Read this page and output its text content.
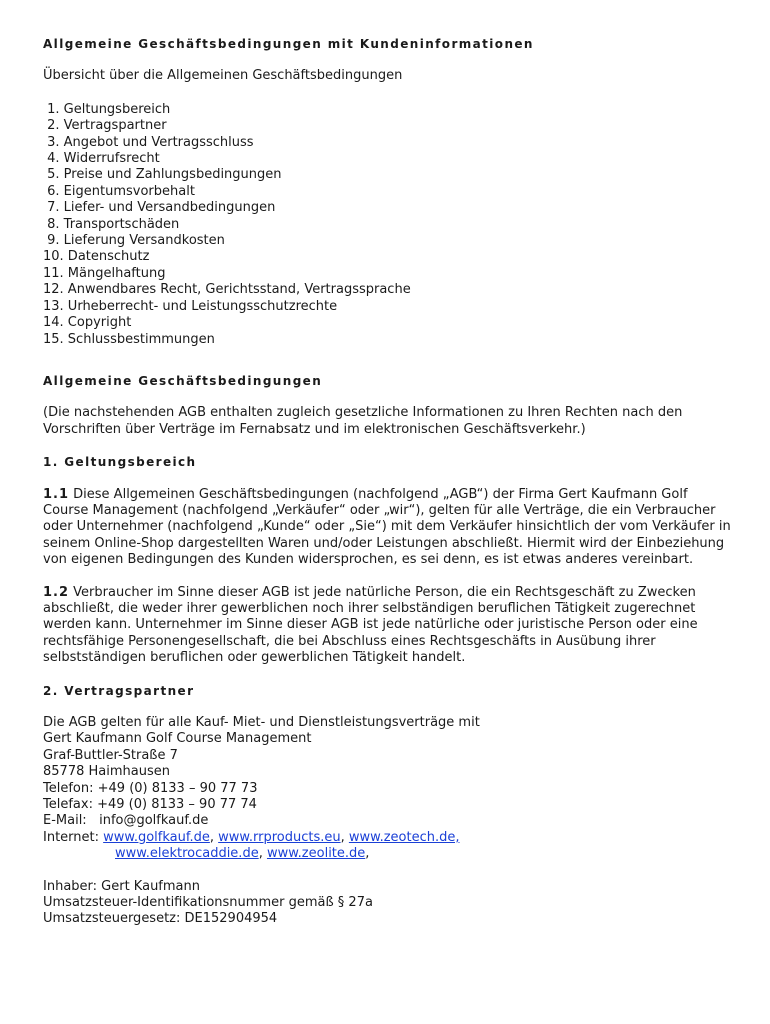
Allgemeine Geschäftsbedingungen mit Kundeninformationen
Übersicht über die Allgemeinen Geschäftsbedingungen
1. Geltungsbereich
2. Vertragspartner
3. Angebot und Vertragsschluss
4. Widerrufsrecht
5. Preise und Zahlungsbedingungen
6. Eigentumsvorbehalt
7. Liefer- und Versandbedingungen
8. Transportschäden
9. Lieferung Versandkosten
10. Datenschutz
11. Mängelhaftung
12. Anwendbares Recht, Gerichtsstand, Vertragssprache
13. Urheberrecht- und Leistungsschutzrechte
14. Copyright
15. Schlussbestimmungen
Allgemeine Geschäftsbedingungen
(Die nachstehenden AGB enthalten zugleich gesetzliche Informationen zu Ihren Rechten nach den Vorschriften über Verträge im Fernabsatz und im elektronischen Geschäftsverkehr.)
1. Geltungsbereich
1.1 Diese Allgemeinen Geschäftsbedingungen (nachfolgend „AGB“) der Firma Gert Kaufmann Golf Course Management (nachfolgend „Verkäufer“ oder „wir“), gelten für alle Verträge, die ein Verbraucher oder Unternehmer (nachfolgend „Kunde“ oder „Sie“) mit dem Verkäufer hinsichtlich der vom Verkäufer in seinem Online-Shop dargestellten Waren und/oder Leistungen abschließt. Hiermit wird der Einbeziehung von eigenen Bedingungen des Kunden widersprochen, es sei denn, es ist etwas anderes vereinbart.
1.2 Verbraucher im Sinne dieser AGB ist jede natürliche Person, die ein Rechtsgeschäft zu Zwecken abschließt, die weder ihrer gewerblichen noch ihrer selbständigen beruflichen Tätigkeit zugerechnet werden kann. Unternehmer im Sinne dieser AGB ist jede natürliche oder juristische Person oder eine rechtsfähige Personengesellschaft, die bei Abschluss eines Rechtsgeschäfts in Ausübung ihrer selbstständigen beruflichen oder gewerblichen Tätigkeit handelt.
2. Vertragspartner
Die AGB gelten für alle Kauf- Miet- und Dienstleistungsverträge mit
Gert Kaufmann Golf Course Management
Graf-Buttler-Straße 7
85778 Haimhausen
Telefon: +49 (0) 8133 – 90 77 73
Telefax: +49 (0) 8133 – 90 77 74
E-Mail:   info@golfkauf.de
Internet: www.golfkauf.de, www.rrproducts.eu, www.zeotech.de,
www.elektrocaddie.de, www.zeolite.de,
Inhaber: Gert Kaufmann
Umsatzsteuer-Identifikationsnummer gemäß § 27a
Umsatzsteuergesetz: DE152904954
